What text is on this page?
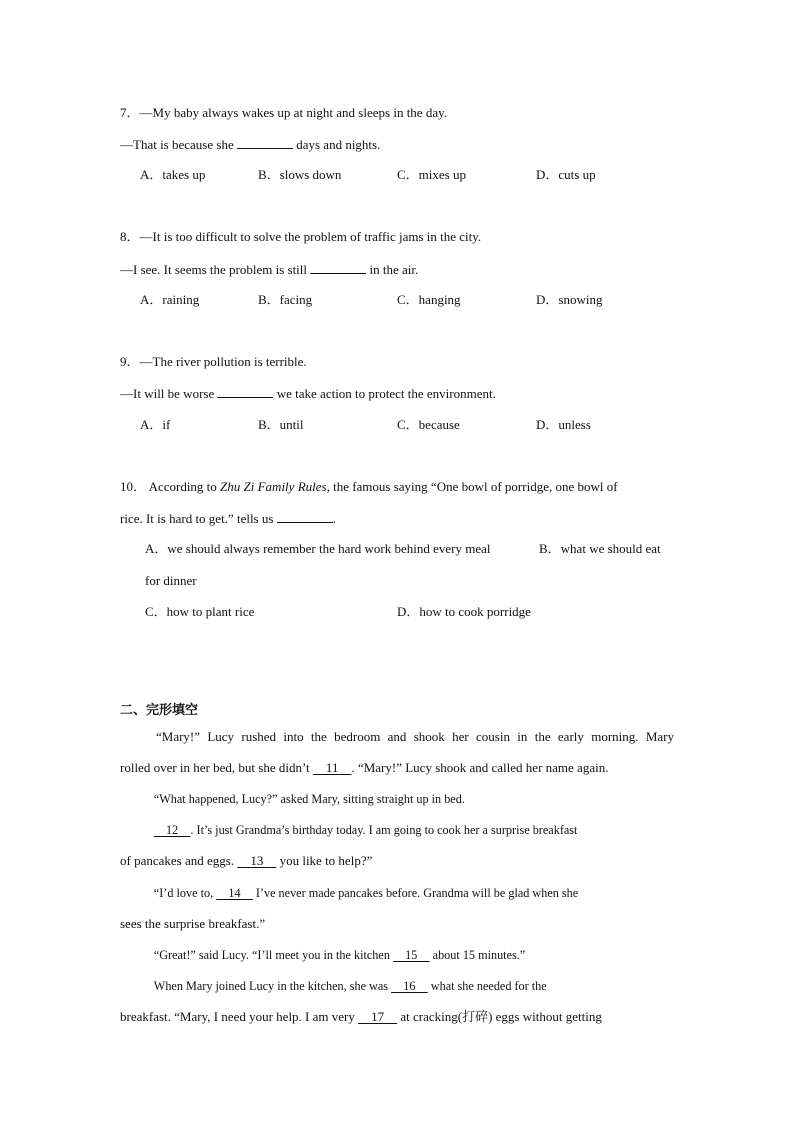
7．—My baby always wakes up at night and sleeps in the day.
—That is because she	days and nights.
A．takes up	B．slows down	C．mixes up	D．cuts up
8．—It is too difficult to solve the problem of traffic jams in the city.
—I see. It seems the problem is still	in the air.
A．raining	B．facing	C．hanging	D．snowing
9．—The river pollution is terrible.
—It will be worse	we take action to protect the environment.
A．if	B．until	C．because	D．unless
10． According to Zhu Zi Family Rules, the famous saying “One bowl of porridge, one bowl of
rice. It is hard to get.” tells us	.
A．we should always remember the hard work behind every meal	B．what we should eat
for dinner
C．how to plant rice	D．how to cook porridge
二、完形填空
“Mary!” Lucy rushed into the bedroom and shook her cousin in the early morning. Mary
rolled over in her bed, but she didn’t     11    . “Mary!” Lucy shook and called her name again.
“What happened, Lucy?” asked Mary, sitting straight up in bed.
12    . It’s just Grandma’s birthday today. I am going to cook her a surprise breakfast
of pancakes and eggs.     13     you like to help?”
“I’d love to,     14     I’ve never made pancakes before. Grandma will be glad when she
sees the surprise breakfast.”
“Great!” said Lucy. “I’ll meet you in the kitchen     15     about 15 minutes.”
When Mary joined Lucy in the kitchen, she was     16     what she needed for the
breakfast. “Mary, I need your help. I am very     17     at cracking(打碎) eggs without getting
